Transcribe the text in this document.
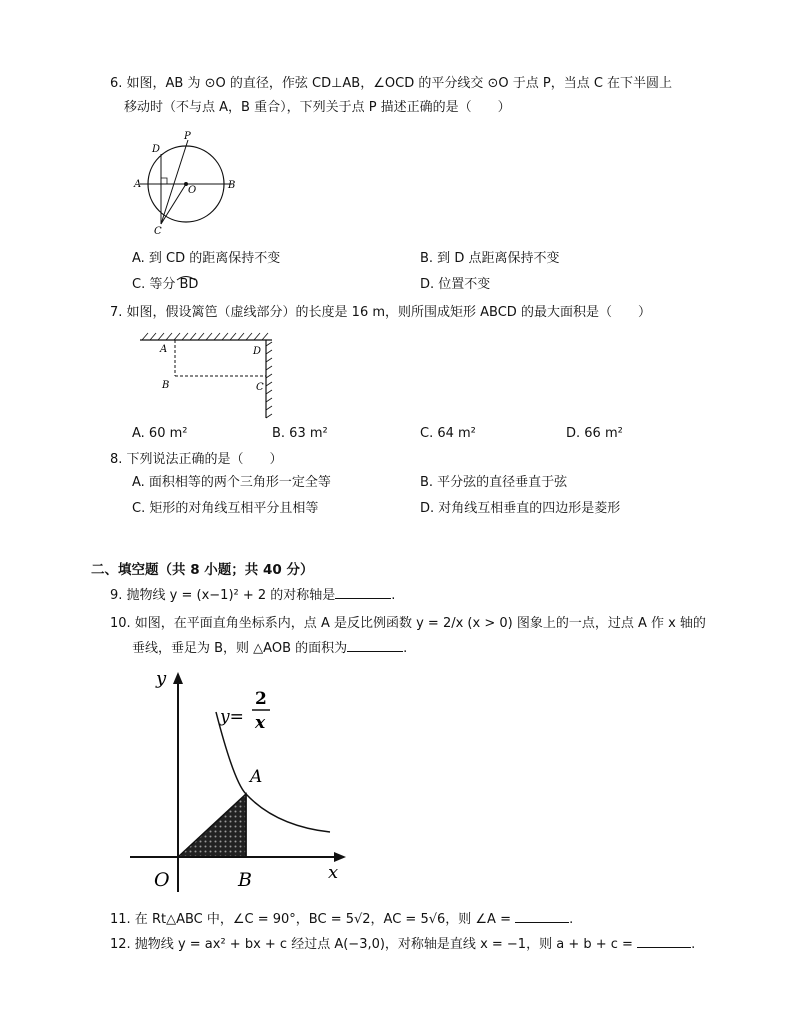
6. 如图，AB 为 ⊙O 的直径，作弦 CD⊥AB，∠OCD 的平分线交 ⊙O 于点 P，当点 C 在下半圆上
移动时（不与点 A，B 重合），下列关于点 P 描述正确的是（　　）
P
D
A
O	B
C
A. 到 CD 的距离保持不变	B. 到 D 点距离保持不变
C. 等分 BD	D. 位置不变
7. 如图，假设篱笆（虚线部分）的长度是 16 m，则所围成矩形 ABCD 的最大面积是（　　）
A	D
B	C
A. 60 m²	B. 63 m²	C. 64 m²	D. 66 m²
8. 下列说法正确的是（　　）
A. 面积相等的两个三角形一定全等	B. 平分弦的直径垂直于弦
C. 矩形的对角线互相平分且相等	D. 对角线互相垂直的四边形是菱形
二、填空题（共 8 小题；共 40 分）
9. 抛物线 y = (x−1)² + 2 的对称轴是	.
10. 如图，在平面直角坐标系内，点 A 是反比例函数 y = 2/x (x > 0) 图象上的一点，过点 A 作 x 轴的
垂线，垂足为 B，则 △AOB 的面积为	.
y
x
O	B
A
y=
2
x
11. 在 Rt△ABC 中，∠C = 90°，BC = 5√2，AC = 5√6，则 ∠A =	.
12. 抛物线 y = ax² + bx + c 经过点 A(−3,0)，对称轴是直线 x = −1，则 a + b + c =	.
